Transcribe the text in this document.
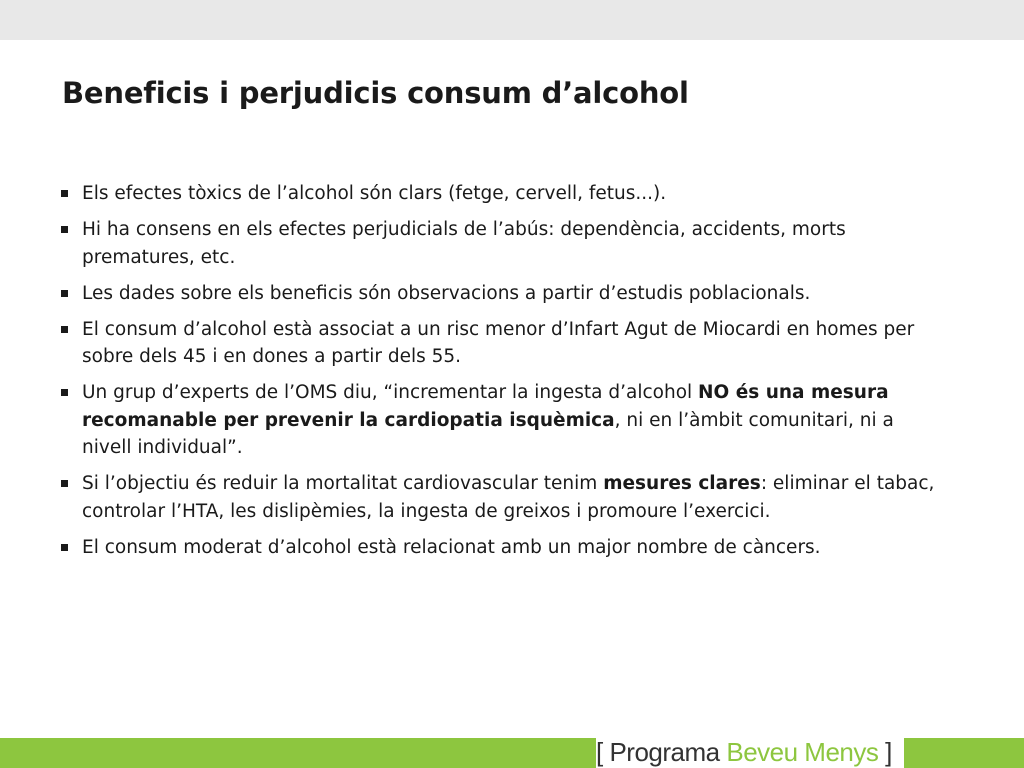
Beneficis i perjudicis consum d’alcohol
Els efectes tòxics de l’alcohol són clars (fetge, cervell, fetus...).
Hi ha consens en els efectes perjudicials de l’abús: dependència, accidents, morts prematures, etc.
Les dades sobre els beneficis són observacions a partir d’estudis poblacionals.
El consum d’alcohol està associat a un risc menor d’Infart Agut de Miocardi en homes per sobre dels 45 i en dones a partir dels 55.
Un grup d’experts de l’OMS diu, “incrementar la ingesta d’alcohol NO és una mesura recomanable per prevenir la cardiopatia isquèmica, ni en l’àmbit comunitari, ni a nivell individual”.
Si l’objectiu és reduir la mortalitat cardiovascular tenim mesures clares: eliminar el tabac, controlar l’HTA, les dislipèmies, la ingesta de greixos i promoure l’exercici.
El consum moderat d’alcohol està relacionat amb un major nombre de càncers.
[ Programa Beveu Menys ]
